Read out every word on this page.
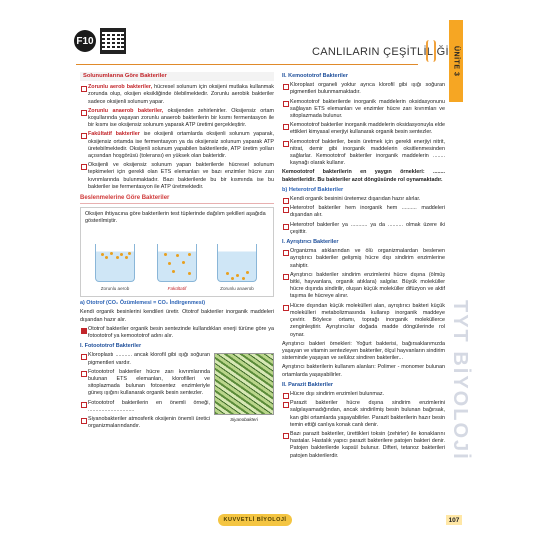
F10
CANLILARIN ÇEŞİTLİLİĞİ ÜNİTE 3
TYT BİYOLOJİ
Solunumlarına Göre Bakteriler
Zorunlu aerob bakteriler, hücresel solunum için oksijeni mutlaka kullanmak zorunda olup, oksijen eksikliğinde ölebilmektedir. Zorunlu aerobik bakteriler sadece oksijenli solunum yapar.
Zorunlu anaerob bakteriler, oksijenden zehirlenirler. Oksijensiz ortam koşullarında yaşayan zorunlu anaerob bakterilerin bir kısmı fermentasyon ile bir kısmı ise oksijensiz solunum yaparak ATP üretimi gerçekleştirir.
Fakültatif bakteriler ise oksijenli ortamlarda oksijenli solunum yaparak, oksijensiz ortamda ise fermentasyon ya da oksijensiz solunum yaparak ATP üretebilmektedir. Oksijenli solunum yapabilen bakterilerde, ATP üretim yolları açısından hoşgörüsü (toleransı) en yüksek olan bakteridir.
Oksijenli ve oksijensiz solunum yapan bakterilerde hücresel solunum tepkimeleri için gerekli olan ETS elemanları ve bazı enzimler hücre zarı kıvrımlarında bulunmaktadır. Bazı bakterilerde bu bir kısmında ise bu bakteriler ise fermentasyon ile ATP üretmektedir.
Beslenmelerine Göre Bakteriler
Oksijen ihtiyacına göre bakterilerin test tüplerinde dağılım şekilleri aşağıda gösterilmiştir.
Zorunlu aerob	Fakültatif	Zorunlu anaerob
a) Ototrof (CO₂ Özümlemesi = CO₂ İndirgenmesi)
Kendi organik besinlerini kendileri üretir. Ototrof bakteriler inorganik maddeleri dışarıdan hazır alır.
Ototrof bakteriler organik besin sentezinde kullandıkları enerji türüne göre ya fotoototrof ya kemoototrof adını alır.
I. Fotoototrof Bakteriler
Siyanobakteri
Kloroplastı ........... ancak klorofil gibi ışığı soğuran pigmentleri vardır.
Fotoototrof bakteriler hücre zarı kıvrımlarında bulunan ETS elemanları, klorofilleri ve sitoplazmada bulunan fotosentez enzimleriyle güneş ışığını kullanarak organik besin sentezler.
Fotoototrof bakterilerin en önemli örneği, ...............................
Siyanobakteriler atmosferik oksijenin önemli üretici organizmalarındandır.
II. Kemoototrof Bakteriler
Kloroplast organeli yoktur ayrıca klorofil gibi ışığı soğuran pigmentleri bulunmamaktadır.
Kemoototrof bakterilerde inorganik maddelerin oksidasyonunu sağlayan ETS elemanları ve enzimler hücre zarı kıvrımları ve sitoplazmada bulunur.
Kemoototrof bakteriler inorganik maddelerin oksidasyonuyla elde ettikleri kimyasal enerjiyi kullanarak organik besin sentezler.
Kemoototrof bakteriler, besin üretmek için gerekli enerjiyi nitrit, nitrat, demir gibi inorganik maddelerin oksitlenmesinden sağlarlar. Kemoototrof bakteriler inorganik maddelerin ........ kaynağı olarak kullanır.
Kemoototrof bakterilerin en yaygın örnekleri: ........ bakterileridir. Bu bakteriler azot döngüsünde rol oynamaktadır.
b) Heterotrof Bakteriler
Kendi organik besinini üretemez dışarıdan hazır alırlar.
Heterotrof bakteriler hem inorganik hem .......... maddeleri dışarıdan alır.
Heterotrof bakteriler ya ........... ya da .......... olmak üzere iki çeşittir.
I. Ayrıştırıcı Bakteriler
Organizma atıklarından ve ölü organizmalardan beslenen ayrıştırıcı bakteriler gelişmiş hücre dışı sindirim enzimlerine sahiptir.
Ayrıştırıcı bakteriler sindirim enzimlerini hücre dışına (ölmüş bitki, hayvanlara, organik atıklara) salgılar. Büyük moleküller hücre dışında sindirilir, oluşan küçük moleküller difüzyon ve aktif taşıma ile hücreye alınır.
Hücre dışından küçük molekülleri alan, ayrıştırıcı bakteri küçük molekülleri metabolizmasında kullanıp inorganik maddeye çevirir. Böylece ortamı, toprağı inorganik moleküllerce zenginleştirir. Ayrıştırıcılar doğada madde döngülerinde rol oynar.
Ayrıştırıcı bakteri örnekleri: Yoğurt bakterisi, bağırsaklarımızda yaşayan ve vitamin sentezleyen bakteriler, ölçul hayvanların sindirim sisteminde yaşayan ve selüloz sindiren bakteriler...
Ayrıştırıcı bakterilerin kullanım alanları: Polimer - monomer bulunan ortamlarda yaşayabilirler.
II. Parazit Bakteriler
Hücre dışı sindirim enzimleri bulunmaz.
Parazit bakteriler hücre dışına sindirim enzimlerini salgılayamadığından, ancak sindirilmiş besin bulunan bağırsak, kan gibi ortamlarda yaşayabilirler. Parazit bakterilerin hazır besin temin ettiği canlıya konak canlı denir.
Bazı parazit bakteriler, ürettikleri toksin (zehirler) ile konaklarını hastalar. Hastalık yapıcı parazit bakterilere patojen bakteri denir. Patojen bakterilerde kapsül bulunur. Difteri, tetanoz bakterileri patojen bakterilerdir.
KUVVETLİ BİYOLOJİ	107
